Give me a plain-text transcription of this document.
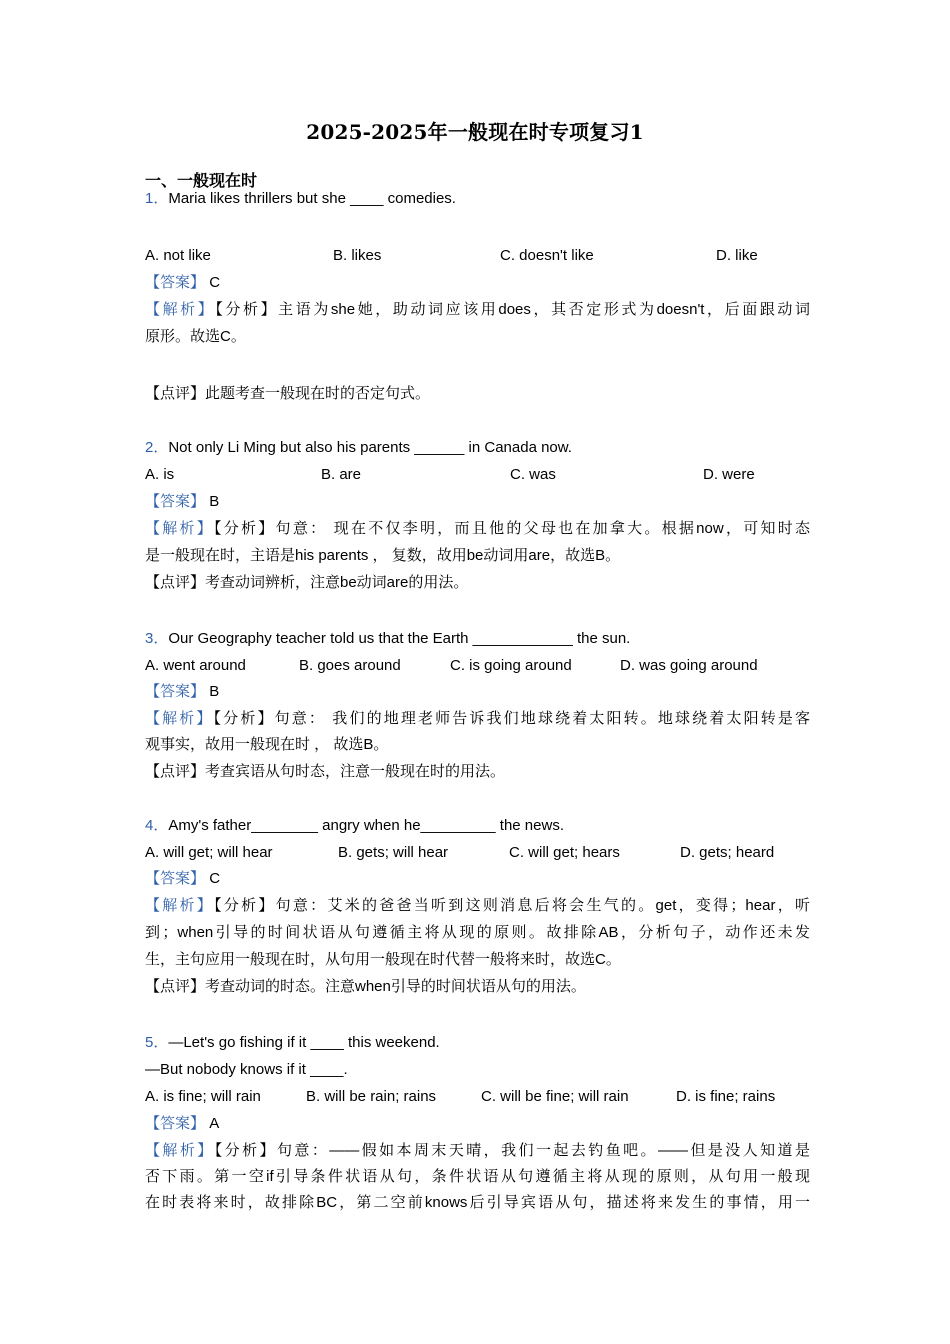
2025-2025年一般现在时专项复习1
一、一般现在时
1．Maria likes thrillers but she ____ comedies.
A. not like	B. likes	C. doesn't like	D. like
【答案】 C
【解析】【分析】主语为she她，助动词应该用does，其否定形式为doesn't，后面跟动词
原形。故选C。
【点评】此题考查一般现在时的否定句式。
2．Not only Li Ming but also his parents ______ in Canada now.
A. is	B. are	C. was	D. were
【答案】 B
【解析】【分析】句意： 现在不仅李明，而且他的父母也在加拿大。根据now，可知时态
是一般现在时，主语是his parents ， 复数，故用be动词用are，故选B。
【点评】考查动词辨析，注意be动词are的用法。
3．Our Geography teacher told us that the Earth ____________ the sun.
A. went around	B. goes around	C. is going around	D. was going around
【答案】 B
【解析】【分析】句意： 我们的地理老师告诉我们地球绕着太阳转。地球绕着太阳转是客
观事实，故用一般现在时 ， 故选B。
【点评】考查宾语从句时态，注意一般现在时的用法。
4．Amy's father________ angry when he_________ the news.
A. will get; will hear	B. gets; will hear	C. will get; hears	D. gets; heard
【答案】 C
【解析】【分析】句意：艾米的爸爸当听到这则消息后将会生气的。get，变得；hear，听
到；when引导的时间状语从句遵循主将从现的原则。故排除AB，分析句子，动作还未发
生，主句应用一般现在时，从句用一般现在时代替一般将来时，故选C。
【点评】考查动词的时态。注意when引导的时间状语从句的用法。
5．—Let's go fishing if it ____ this weekend.
—But nobody knows if it ____.
A. is fine; will rain	B. will be rain; rains	C. will be fine; will rain	D. is fine; rains
【答案】 A
【解析】【分析】句意：——假如本周末天晴，我们一起去钓鱼吧。——但是没人知道是
否下雨。第一空if引导条件状语从句，条件状语从句遵循主将从现的原则，从句用一般现
在时表将来时，故排除BC，第二空前knows后引导宾语从句，描述将来发生的事情，用一
